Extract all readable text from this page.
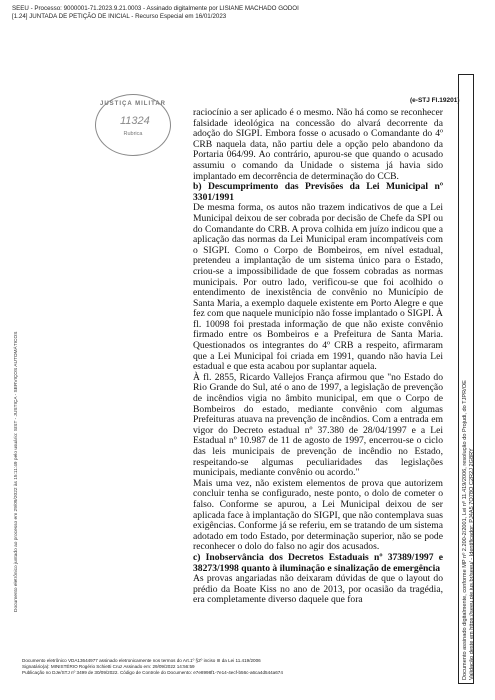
SEEU - Processo: 9000001-71.2023.9.21.0003 - Assinado digitalmente por LISIANE MACHADO GODOI
[1.24] JUNTADA DE PETIÇÃO DE INICIAL - Recurso Especial em 16/01/2023
(e-STJ Fl.19201)
JUSTIÇA MILITAR
11324
Rubrica
Documento eletrônico juntado ao processo em 29/09/2022 às 15:11:49 pelo usuário: SIST - JUSTIÇA - SERVIÇOS AUTOMÁTICOS	Documento assinado digitalmente, conforme MP nº 2.200-2/2001, Lei nº 11.419/2006, resolução do Projudi, do TJPR/OE Validação deste em https://seeu.pje.jus.br/seeu/ - Identificador: PJ4A5 7Q78Q C2R2J 2G8RY

raciocínio a ser aplicado é o mesmo. Não há como se reconhecer falsidade ideológica na concessão do alvará decorrente da adoção do SIGPI. Embora fosse o acusado o Comandante do 4º CRB naquela data, não partiu dele a opção pelo abandono da Portaria 064/99. Ao contrário, apurou-se que quando o acusado assumiu o comando da Unidade o sistema já havia sido implantado em decorrência de determinação do CCB.

b) Descumprimento das Previsões da Lei Municipal nº 3301/1991

De mesma forma, os autos não trazem indicativos de que a Lei Municipal deixou de ser cobrada por decisão de Chefe da SPI ou do Comandante do CRB. A prova colhida em juízo indicou que a aplicação das normas da Lei Municipal eram incompatíveis com o SIGPI. Como o Corpo de Bombeiros, em nível estadual, pretendeu a implantação de um sistema único para o Estado, criou-se a impossibilidade de que fossem cobradas as normas municipais. Por outro lado, verificou-se que foi acolhido o entendimento de inexistência de convênio no Município de Santa Maria, a exemplo daquele existente em Porto Alegre e que fez com que naquele município não fosse implantado o SIGPI. À fl. 10098 foi prestada informação de que não existe convênio firmado entre os Bombeiros e a Prefeitura de Santa Maria. Questionados os integrantes do 4º CRB a respeito, afirmaram que a Lei Municipal foi criada em 1991, quando não havia Lei estadual e que esta acabou por suplantar aquela.

À fl. 2855, Ricardo Vallejos França afirmou que "no Estado do Rio Grande do Sul, até o ano de 1997, a legislação de prevenção de incêndios vigia no âmbito municipal, em que o Corpo de Bombeiros do estado, mediante convênio com algumas Prefeituras atuava na prevenção de incêndios. Com a entrada em vigor do Decreto estadual nº 37.380 de 28/04/1997 e a Lei Estadual nº 10.987 de 11 de agosto de 1997, encerrou-se o ciclo das leis municipais de prevenção de incêndio no Estado, respeitando-se algumas peculiaridades das legislações municipais, mediante convênio ou acordo."

Mais uma vez, não existem elementos de prova que autorizem concluir tenha se configurado, neste ponto, o dolo de cometer o falso. Conforme se apurou, a Lei Municipal deixou de ser aplicada face à implantação do SIGPI, que não contemplava suas exigências. Conforme já se referiu, em se tratando de um sistema adotado em todo Estado, por determinação superior, não se pode reconhecer o dolo do falso no agir dos acusados.

c) Inobservância dos Decretos Estaduais nº 37389/1997 e 38273/1998 quanto à iluminação e sinalização de emergência

As provas angariadas não deixaram dúvidas de que o layout do prédio da Boate Kiss no ano de 2013, por ocasião da tragédia, era completamente diverso daquele que fora

Documento eletrônico VDA13644977 assinado eletronicamente nos termos do Art.1º §2º inciso III da Lei 11.419/2006
Signatário(a): MINISTÉRIO Rogério Schietti Cruz Assinado em: 29/09/2022 14:56:59
Publicação no DJe/STJ nº 3499 de 30/09/2022. Código de Controle do Documento: e7e8998f1-7e14-4ecf-b56c-a6ca4d544a674
